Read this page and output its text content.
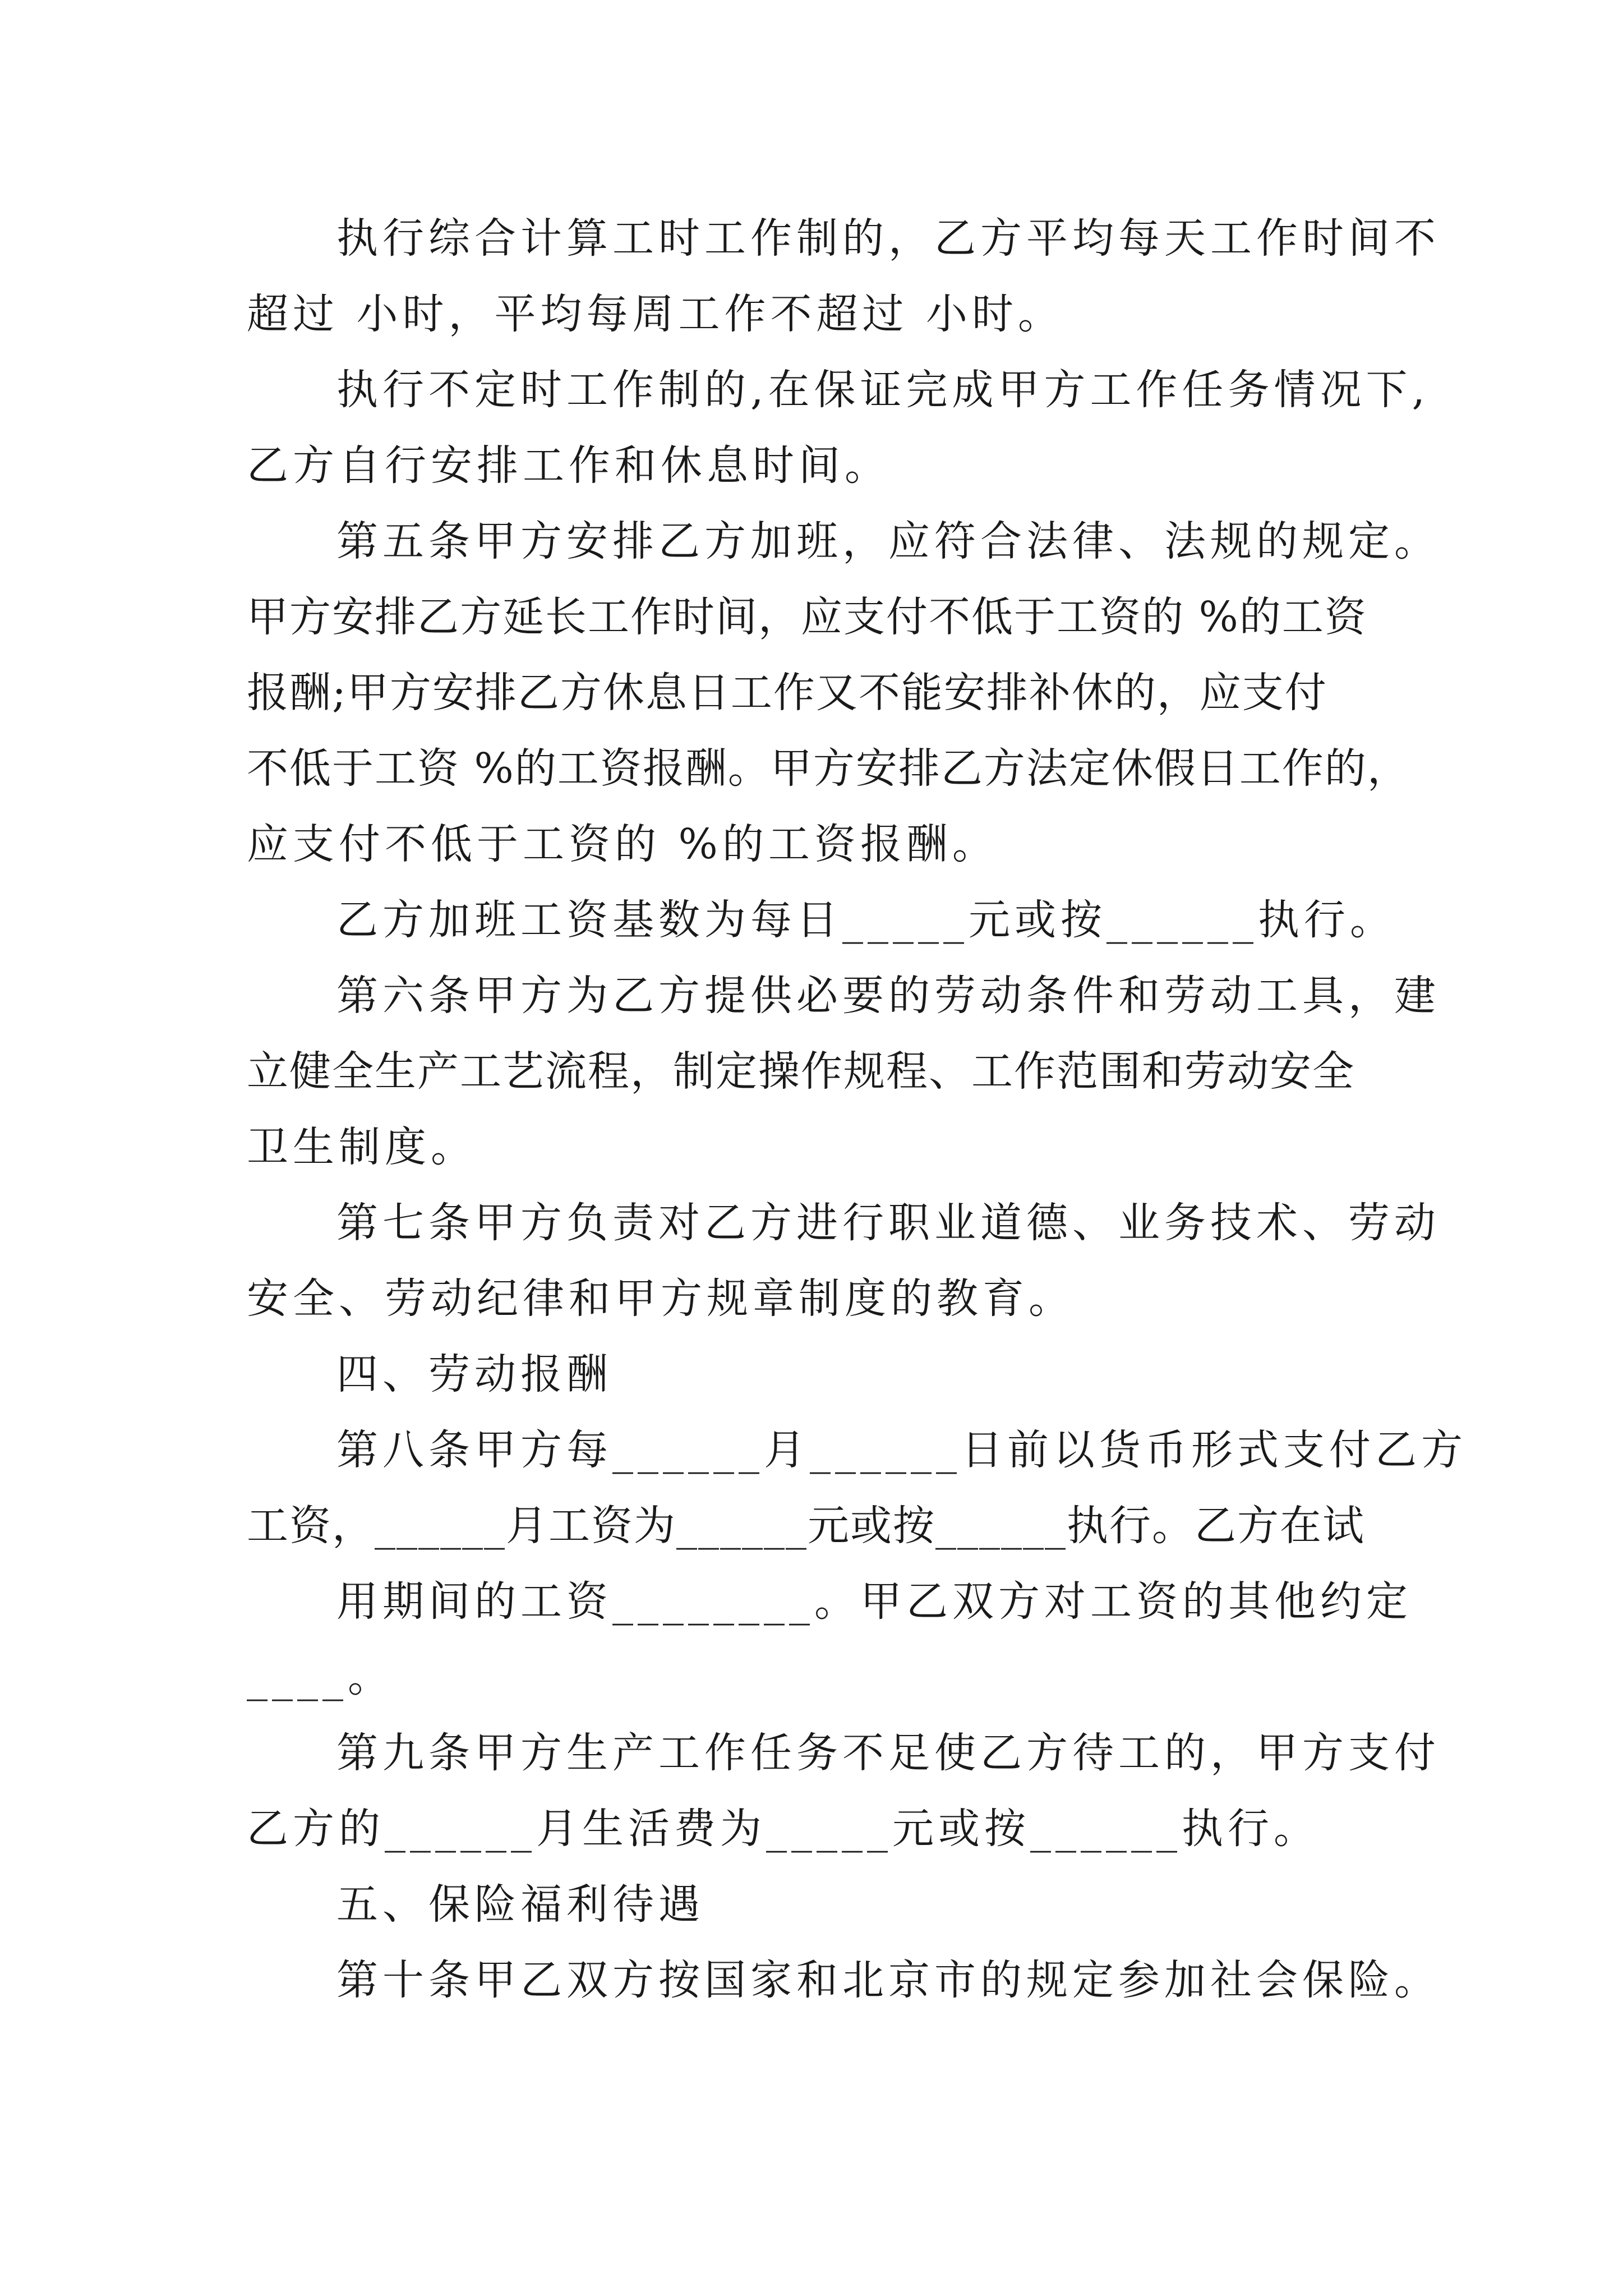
执行综合计算工时工作制的，乙方平均每天工作时间不

超过 小时，平均每周工作不超过 小时。

执行不定时工作制的,在保证完成甲方工作任务情况下,

乙方自行安排工作和休息时间。

第五条甲方安排乙方加班，应符合法律、法规的规定。

甲方安排乙方延长工作时间，应支付不低于工资的 %的工资

报酬;甲方安排乙方休息日工作又不能安排补休的，应支付

不低于工资 %的工资报酬。甲方安排乙方法定休假日工作的，

应支付不低于工资的 %的工资报酬。

乙方加班工资基数为每日_____元或按______执行。

第六条甲方为乙方提供必要的劳动条件和劳动工具，建

立健全生产工艺流程，制定操作规程、工作范围和劳动安全

卫生制度。

第七条甲方负责对乙方进行职业道德、业务技术、劳动

安全、劳动纪律和甲方规章制度的教育。

四、劳动报酬

第八条甲方每______月______日前以货币形式支付乙方

工资，______月工资为______元或按______执行。乙方在试

用期间的工资________。甲乙双方对工资的其他约定

____。

第九条甲方生产工作任务不足使乙方待工的，甲方支付

乙方的______月生活费为_____元或按______执行。

五、保险福利待遇

第十条甲乙双方按国家和北京市的规定参加社会保险。
